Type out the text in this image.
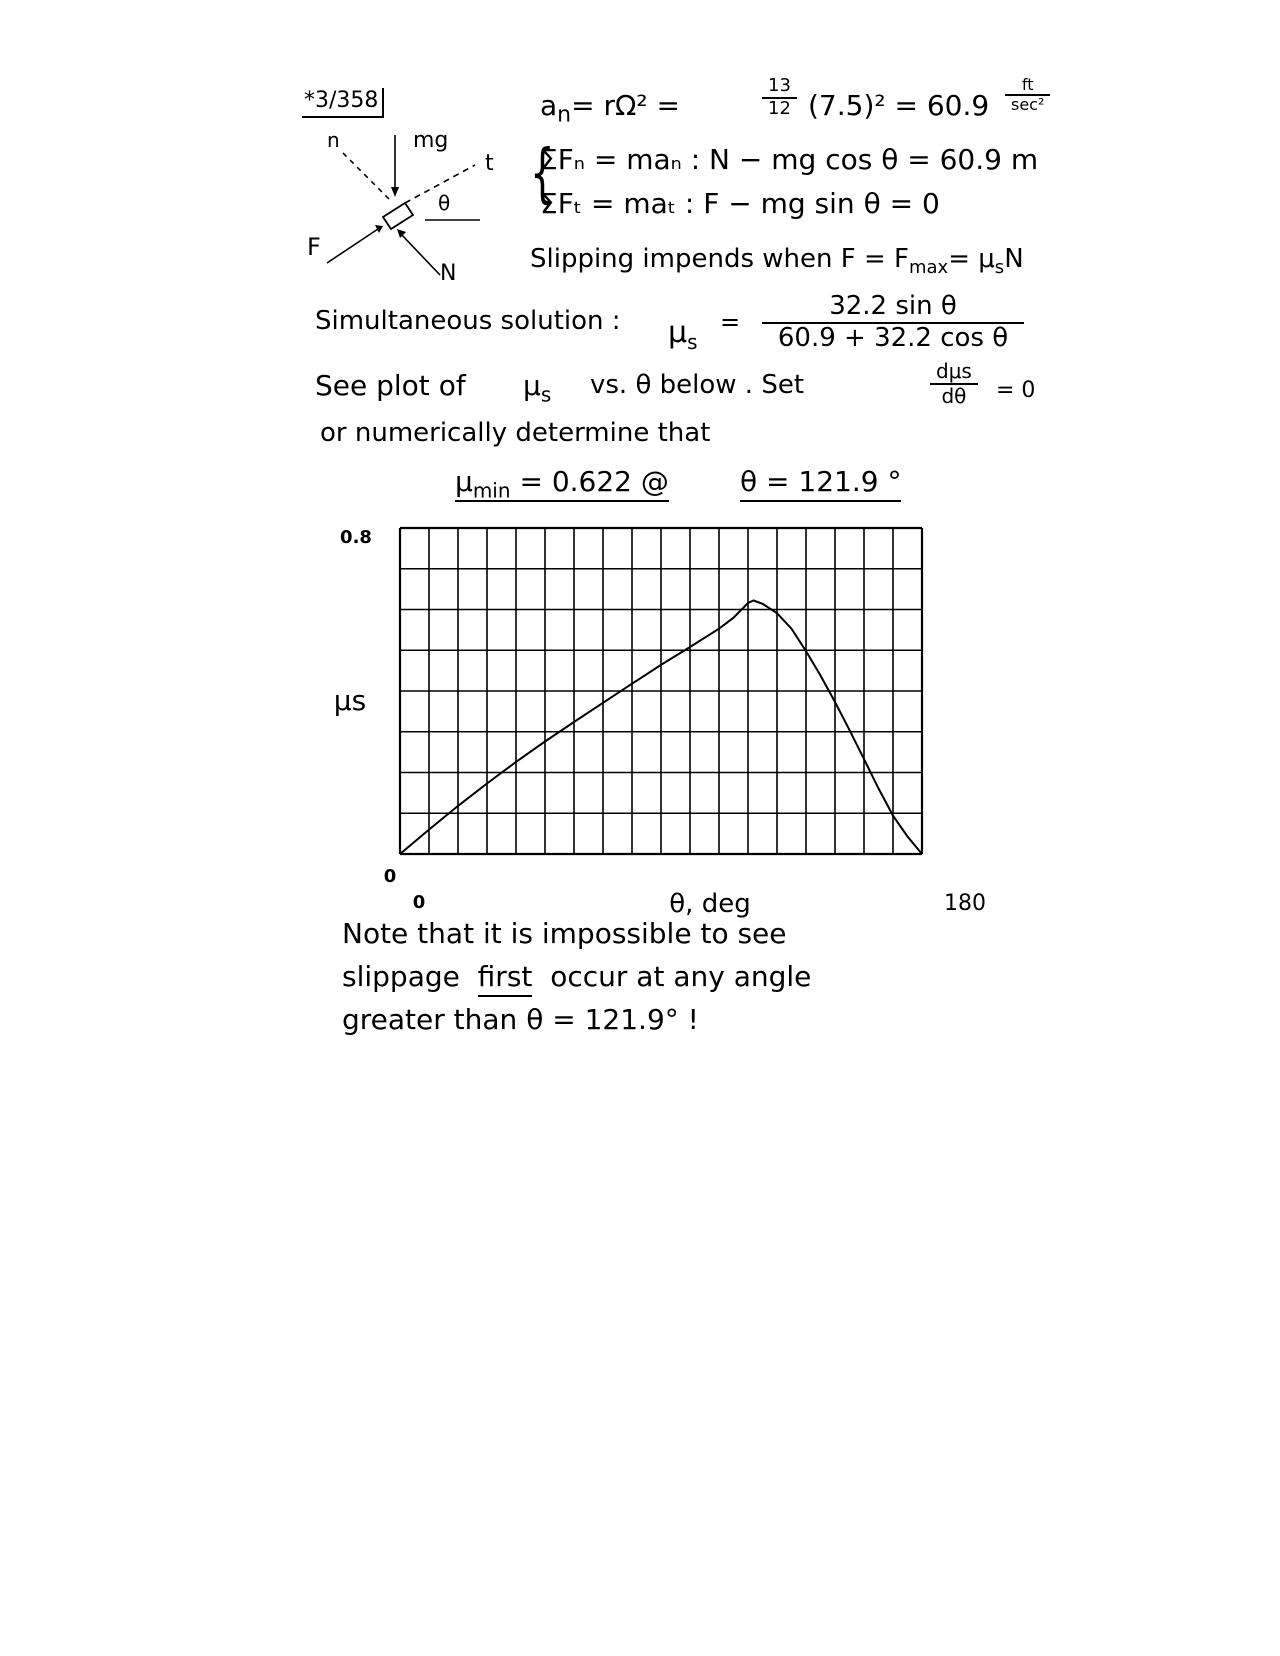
*3/358
n	mg
t
θ
F
N
$a_n= r\Omega^2$ =	$\frac{13}{12} (7.5)^2 = 60.9$
ft
sec²
{
ΣFₙ = maₙ : N − mg cos θ = 60.9 m
ΣFₜ = maₜ : F − mg sin θ = 0
Slipping impends when $F = F_{max}= \mu_sN$
Simultaneous solution : $\mu_s$
= $\frac{\text{32.2 sin θ}}{\text{60.9 + 32.2 cos θ}}$
See plot of $\mu_s$ vs. θ below . Set	dμs
dθ	= 0
or numerically determine that
$\mu_{min} = 0.622$ @	θ = 121.9 °
0.8
0
0	180
θ, deg
μs
Note that it is impossible to see
slippage first occur at any angle
greater than θ = 121.9° !
